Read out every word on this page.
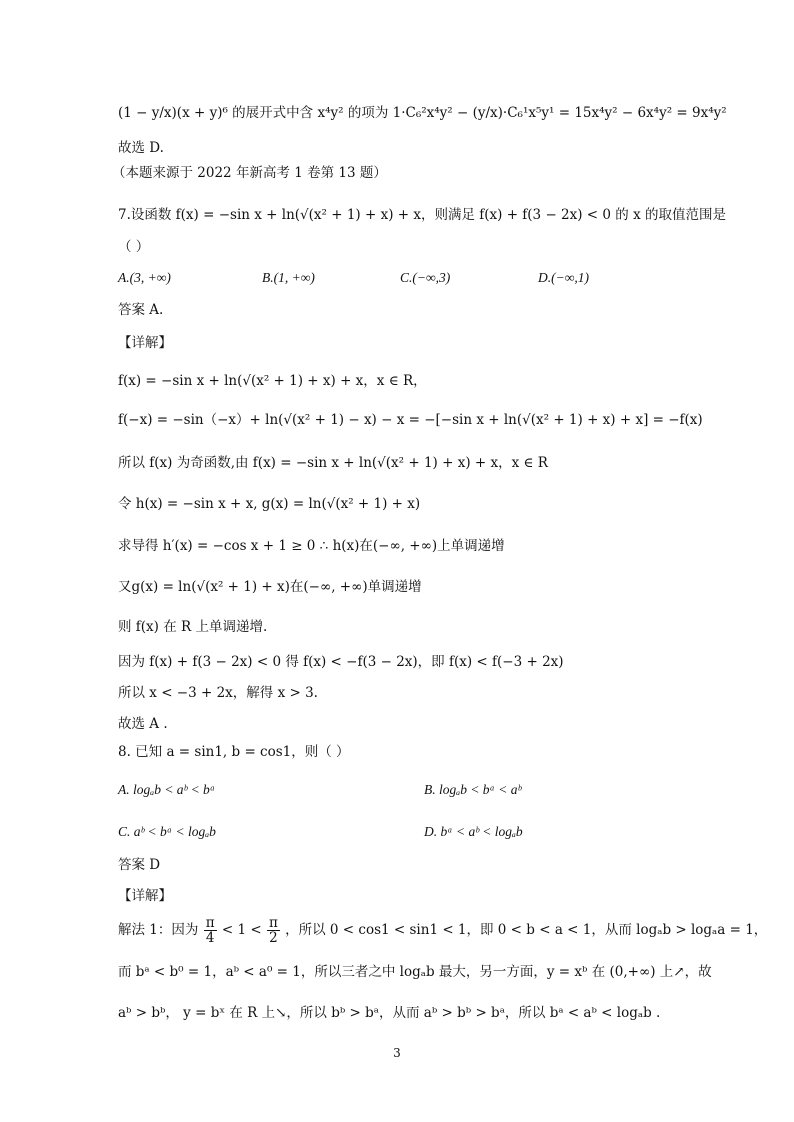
(1 − y/x)(x + y)⁶ 的展开式中含 x⁴y² 的项为 1·C₆²x⁴y² − (y/x)·C₆¹x⁵y¹ = 15x⁴y² − 6x⁴y² = 9x⁴y²
故选 D.
（本题来源于 2022 年新高考 1 卷第 13 题）
7.设函数 f(x) = −sin x + ln(√(x² + 1) + x) + x，则满足 f(x) + f(3 − 2x) < 0 的 x 的取值范围是
（ ）
A.(3, +∞)	B.(1, +∞)	C.(−∞,3)	D.(−∞,1)
答案 A.
【详解】
f(x) = −sin x + ln(√(x² + 1) + x) + x，x ∈ R，
f(−x) = −sin（−x）+ ln(√(x² + 1) − x) − x = −[−sin x + ln(√(x² + 1) + x) + x] = −f(x)
所以 f(x) 为奇函数,由 f(x) = −sin x + ln(√(x² + 1) + x) + x，x ∈ R
令 h(x) = −sin x + x, g(x) = ln(√(x² + 1) + x)
求导得 h′(x) = −cos x + 1 ≥ 0 ∴ h(x)在(−∞, +∞)上单调递增
又g(x) = ln(√(x² + 1) + x)在(−∞, +∞)单调递增
则 f(x) 在 R 上单调递增.
因为 f(x) + f(3 − 2x) < 0 得 f(x) < −f(3 − 2x)，即 f(x) < f(−3 + 2x)
所以 x < −3 + 2x，解得 x > 3.
故选 A .
8. 已知 a = sin1, b = cos1，则（ ）
A. logₐb < aᵇ < bᵃ	B. logₐb < bᵃ < aᵇ
C. aᵇ < bᵃ < logₐb	D. bᵃ < aᵇ < logₐb
答案 D
【详解】
解法 1：因为 $\frac{\pi}{4} < 1 < \frac{\pi}{2}$ ，所以 0 < cos1 < sin1 < 1，即 0 < b < a < 1，从而 logₐb > logₐa = 1，
而 bᵃ < b⁰ = 1，aᵇ < a⁰ = 1，所以三者之中 logₐb 最大，另一方面，y = xᵇ 在 (0,+∞) 上↗，故
aᵇ > bᵇ， y = bˣ 在 R 上↘，所以 bᵇ > bᵃ，从而 aᵇ > bᵇ > bᵃ，所以 bᵃ < aᵇ < logₐb .
3
